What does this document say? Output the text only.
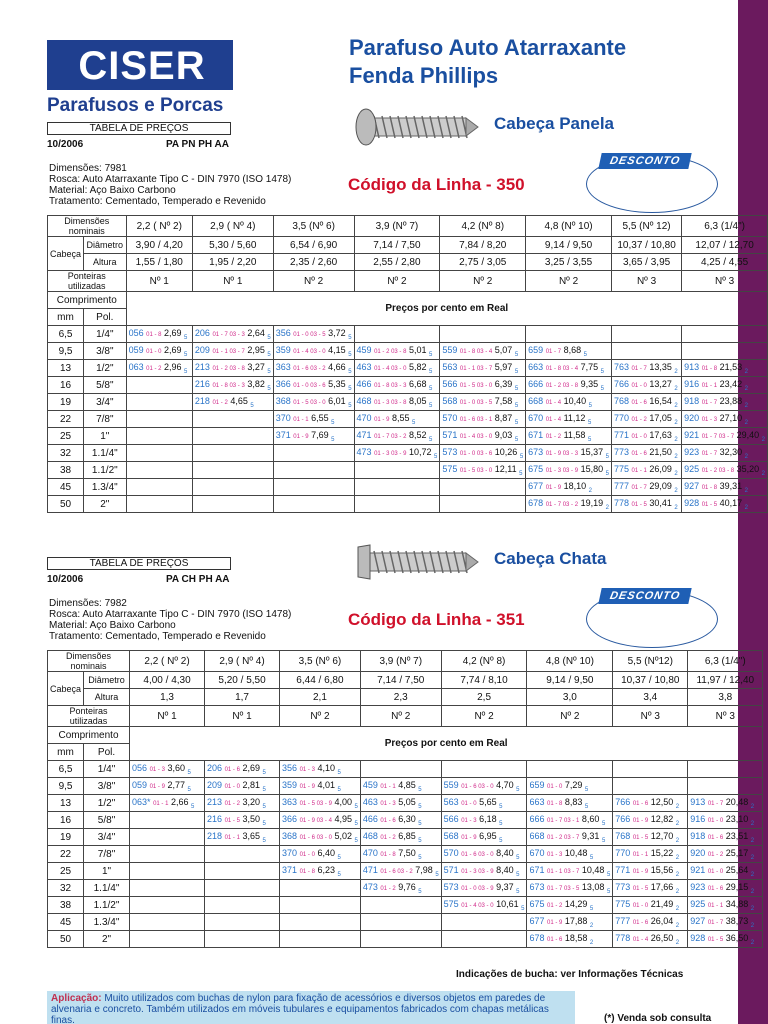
CISER
Parafusos e Porcas
Parafuso Auto Atarraxante
Fenda Phillips
TABELA DE PREÇOS
10/2006	PA PN PH AA
Dimensões: 7981
Rosca: Auto Atarraxante Tipo C - DIN 7970 (ISO 1478)
Material: Aço Baixo Carbono
Tratamento: Cementado, Temperado e Revenido
Cabeça Panela
DESCONTO
Código da Linha - 350
Dimensões nominais		2,2 ( Nº 2)	2,9 ( Nº 4)	3,5 (Nº 6)	3,9 (Nº 7)	4,2 (Nº 8)	4,8 (Nº 10)	5,5 (Nº 12)	6,3 (1/4")
Cabeça	Diâmetro	3,90 / 4,20	5,30 / 5,60	6,54 / 6,90	7,14 / 7,50	7,84 / 8,20	9,14 / 9,50	10,37 / 10,80	12,07 / 12,70
	Altura	1,55 / 1,80	1,95 / 2,20	2,35 / 2,60	2,55 / 2,80	2,75 / 3,05	3,25 / 3,55	3,65 / 3,95	4,25 / 4,55
Ponteiras utilizadas		Nº 1	Nº 1	Nº 2	Nº 2	Nº 2	Nº 2	Nº 3	Nº 3
Comprimento		Preços por cento em Real							
mm	Pol.								
6,5	1/4"	056 01 - 8 2,69 $_5$	206 01 - 7 03 - 3 2,64 $_5$	356 01 - 0 03 - 5 3,72 $_5$					
9,5	3/8"	059 01 - 0 2,69 $_5$	209 01 - 1 03 - 7 2,95 $_5$	359 01 - 4 03 - 0 4,15 $_5$	459 01 - 2 03 - 8 5,01 $_5$	559 01 - 8 03 - 4 5,07 $_5$	659 01 - 7 8,68 $_5$		
13	1/2"	063 01 - 2 2,96 $_5$	213 01 - 2 03 - 8 3,27 $_5$	363 01 - 6 03 - 2 4,66 $_5$	463 01 - 4 03 - 0 5,82 $_5$	563 01 - 1 03 - 7 5,97 $_5$	663 01 - 8 03 - 4 7,75 $_5$	763 01 - 7 13,35 $_2$	913 01 - 8 21,53 $_2$
16	5/8"		216 01 - 8 03 - 3 3,82 $_5$	366 01 - 0 03 - 6 5,35 $_5$	466 01 - 8 03 - 3 6,68 $_5$	566 01 - 5 03 - 0 6,39 $_5$	666 01 - 2 03 - 8 9,35 $_5$	766 01 - 0 13,27 $_2$	916 01 - 1 23,42 $_2$
19	3/4"		218 01 - 2 4,65 $_5$	368 01 - 5 03 - 0 6,01 $_5$	468 01 - 3 03 - 8 8,05 $_5$	568 01 - 0 03 - 5 7,58 $_5$	668 01 - 4 10,40 $_5$	768 01 - 6 16,54 $_2$	918 01 - 7 23,88 $_2$
22	7/8"			370 01 - 1 6,55 $_5$	470 01 - 9 8,55 $_5$	570 01 - 6 03 - 1 8,87 $_5$	670 01 - 4 11,12 $_5$	770 01 - 2 17,05 $_2$	920 01 - 3 27,10 $_2$
25	1"			371 01 - 9 7,69 $_5$	471 01 - 7 03 - 2 8,52 $_5$	571 01 - 4 03 - 0 9,03 $_5$	671 01 - 2 11,58 $_5$	771 01 - 0 17,63 $_2$	921 01 - 7 03 - 7 29,40 $_2$
32	1.1/4"				473 01 - 3 03 - 9 10,72 $_5$	573 01 - 0 03 - 6 10,26 $_5$	673 01 - 9 03 - 3 15,37 $_5$	773 01 - 6 21,50 $_2$	923 01 - 7 32,30 $_2$
38	1.1/2"					575 01 - 5 03 - 0 12,11 $_5$	675 01 - 3 03 - 9 15,80 $_5$	775 01 - 1 26,09 $_2$	925 01 - 2 03 - 8 35,20 $_2$
45	1.3/4"						677 01 - 9 18,10 $_2$	777 01 - 7 29,09 $_2$	927 01 - 8 39,31 $_2$
50	2"						678 01 - 7 03 - 2 19,19 $_2$	778 01 - 5 30,41 $_2$	928 01 - 5 40,17 $_2$
TABELA DE PREÇOS
10/2006	PA CH PH AA
Dimensões: 7982
Rosca: Auto Atarraxante Tipo C - DIN 7970 (ISO 1478)
Material: Aço Baixo Carbono
Tratamento: Cementado, Temperado e Revenido
Cabeça Chata
DESCONTO
Código da Linha - 351
Dimensões nominais		2,2 ( Nº 2)	2,9 ( Nº 4)	3,5 (Nº 6)	3,9 (Nº 7)	4,2 (Nº 8)	4,8 (Nº 10)	5,5 (Nº12)	6,3 (1/4")
Cabeça	Diâmetro	4,00 / 4,30	5,20 / 5,50	6,44 / 6,80	7,14 / 7,50	7,74 / 8,10	9,14 / 9,50	10,37 / 10,80	11,97 / 12,40
	Altura	1,3	1,7	2,1	2,3	2,5	3,0	3,4	3,8
Ponteiras utilizadas		Nº 1	Nº 1	Nº 2	Nº 2	Nº 2	Nº 2	Nº 3	Nº 3
Comprimento		Preços por cento em Real							
mm	Pol.								
6,5	1/4"	056 01 - 3 3,60 $_5$	206 01 - 6 2,69 $_5$	356 01 - 3 4,10 $_5$					
9,5	3/8"	059 01 - 9 2,77 $_5$	209 01 - 0 2,81 $_5$	359 01 - 9 4,01 $_5$	459 01 - 1 4,85 $_5$	559 01 - 6 03 - 0 4,70 $_5$	659 01 - 0 7,29 $_5$		
13	1/2"	063* 01 - 1 2,66 $_5$	213 01 - 2 3,20 $_5$	363 01 - 5 03 - 9 4,00 $_5$	463 01 - 3 5,05 $_5$	563 01 - 0 5,65 $_5$	663 01 - 8 8,83 $_5$	766 01 - 6 12,50 $_2$	913 01 - 7 20,48 $_2$
16	5/8"		216 01 - 5 3,50 $_5$	366 01 - 9 03 - 4 4,95 $_5$	466 01 - 6 6,30 $_5$	566 01 - 3 6,18 $_5$	666 01 - 7 03 - 1 8,60 $_5$	766 01 - 9 12,82 $_2$	916 01 - 0 23,10 $_2$
19	3/4"		218 01 - 1 3,65 $_5$	368 01 - 6 03 - 0 5,02 $_5$	468 01 - 2 6,85 $_5$	568 01 - 9 6,95 $_5$	668 01 - 2 03 - 7 9,31 $_5$	768 01 - 5 12,70 $_2$	918 01 - 6 23,51 $_2$
22	7/8"			370 01 - 0 6,40 $_5$	470 01 - 8 7,50 $_5$	570 01 - 6 03 - 0 8,40 $_5$	670 01 - 3 10,48 $_5$	770 01 - 1 15,22 $_2$	920 01 - 2 25,17 $_2$
25	1"			371 01 - 8 6,23 $_5$	471 01 - 6 03 - 2 7,98 $_5$	571 01 - 3 03 - 9 8,40 $_5$	671 01 - 1 03 - 7 10,48 $_5$	771 01 - 9 15,56 $_2$	921 01 - 0 25,64 $_2$
32	1.1/4"				473 01 - 2 9,76 $_5$	573 01 - 0 03 - 9 9,37 $_5$	673 01 - 7 03 - 5 13,08 $_5$	773 01 - 5 17,66 $_2$	923 01 - 6 29,15 $_2$
38	1.1/2"					575 01 - 4 03 - 0 10,61 $_5$	675 01 - 2 14,29 $_5$	775 01 - 0 21,49 $_2$	925 01 - 1 34,88 $_2$
45	1.3/4"						677 01 - 9 17,88 $_2$	777 01 - 6 26,04 $_2$	927 01 - 7 38,73 $_2$
50	2"						678 01 - 6 18,58 $_2$	778 01 - 4 26,50 $_2$	928 01 - 5 36,50 $_2$
Indicações de bucha: ver Informações Técnicas
Aplicação: Muito utilizados com buchas de nylon para fixação de acessórios e diversos objetos em paredes de alvenaria e concreto. Também utilizados em móveis tubulares e equipamentos fabricados com chapas metálicas finas.	(*) Venda sob consulta
